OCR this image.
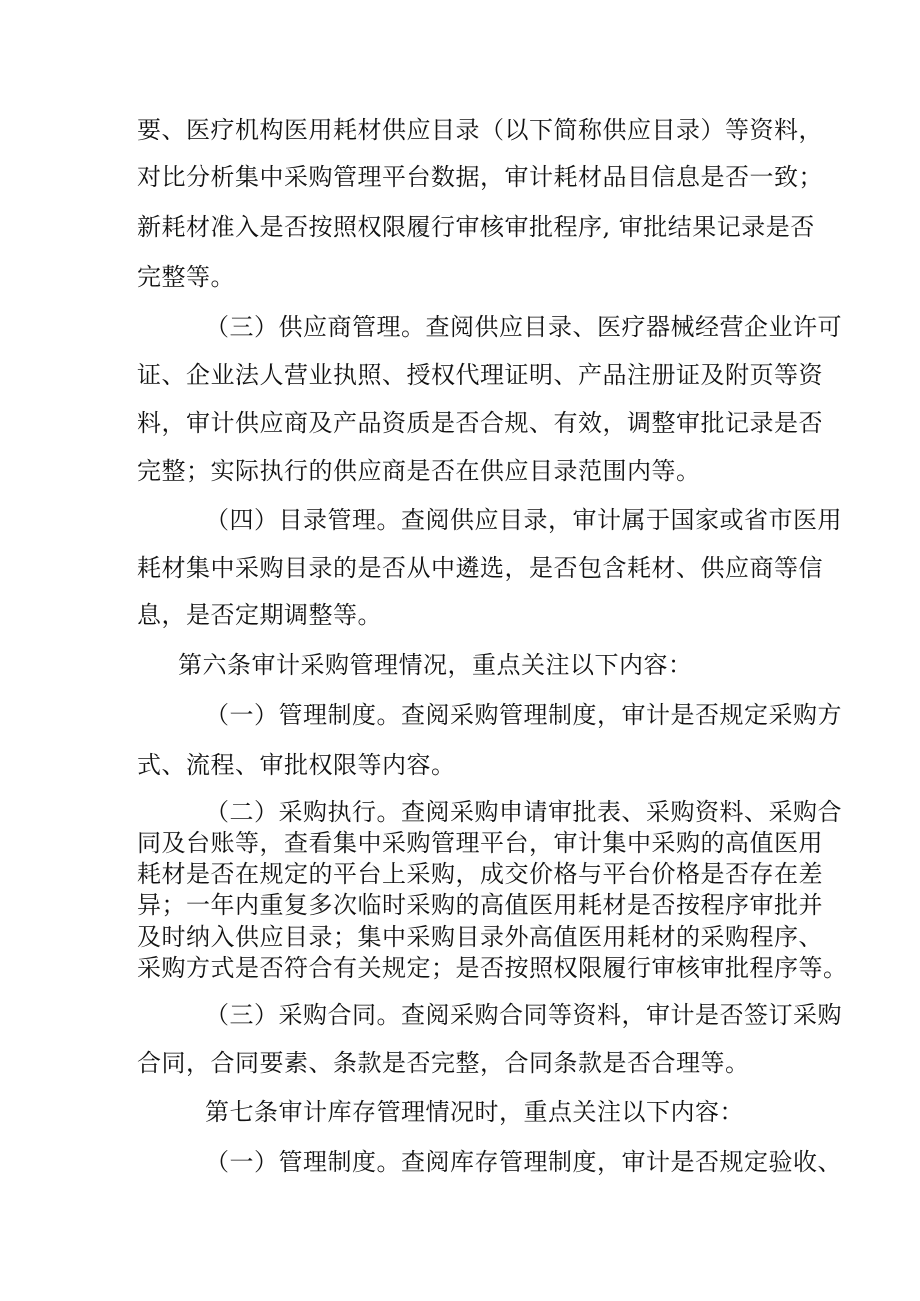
要、医疗机构医用耗材供应目录（以下简称供应目录）等资料，
对比分析集中采购管理平台数据，审计耗材品目信息是否一致；
新耗材准入是否按照权限履行审核审批程序, 审批结果记录是否
完整等。
（三）供应商管理。查阅供应目录、医疗器械经营企业许可
证、企业法人营业执照、授权代理证明、产品注册证及附页等资
料，审计供应商及产品资质是否合规、有效，调整审批记录是否
完整；实际执行的供应商是否在供应目录范围内等。
（四）目录管理。查阅供应目录，审计属于国家或省市医用
耗材集中采购目录的是否从中遴选，是否包含耗材、供应商等信
息，是否定期调整等。
第六条审计采购管理情况，重点关注以下内容：
（一）管理制度。查阅采购管理制度，审计是否规定采购方
式、流程、审批权限等内容。
（二）采购执行。查阅采购申请审批表、采购资料、采购合
同及台账等，查看集中采购管理平台，审计集中采购的高值医用
耗材是否在规定的平台上采购，成交价格与平台价格是否存在差
异；一年内重复多次临时采购的高值医用耗材是否按程序审批并
及时纳入供应目录；集中采购目录外高值医用耗材的采购程序、
采购方式是否符合有关规定；是否按照权限履行审核审批程序等。
（三）采购合同。查阅采购合同等资料，审计是否签订采购
合同，合同要素、条款是否完整，合同条款是否合理等。
第七条审计库存管理情况时，重点关注以下内容：
（一）管理制度。查阅库存管理制度，审计是否规定验收、
